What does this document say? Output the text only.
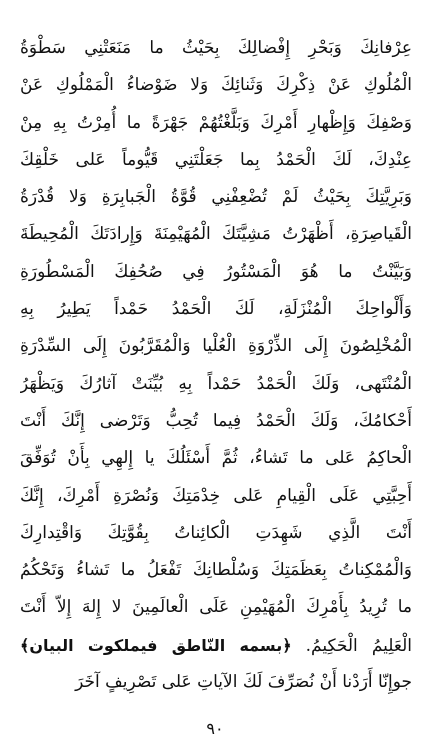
عِرْفانِكَ وَبَحْرِ إِفْضالِكَ بِحَيْثُ ما مَنَعَتْنِي سَطْوَةُ
الْمُلُوكِ عَنْ ذِكْرِكَ وَثَنائِكَ وَلا ضَوْضاءُ الْمَمْلُوكِ عَنْ
وَصْفِكَ وَإِظْهارِ أَمْرِكَ وَبَلَّغْتُهُمْ جَهْرَةً ما أُمِرْتُ بِهِ مِنْ
عِنْدِكَ، لَكَ الْحَمْدُ بِما جَعَلْتَنِي قَيُّوماً عَلى خَلْقِكَ
وَبَرِيَّتِكَ بِحَيْثُ لَمْ تُضْعِفْنِي قُوَّةُ الْجَبابِرَةِ وَلا قُدْرَةُ
الْقَياصِرَةِ، أَظْهَرْتُ مَشِيَّتَكَ الْمُهَيْمِنَةَ وَإِرادَتَكَ الْمُحِيطَةَ
وَبَيَّنْتُ ما هُوَ الْمَسْتُورُ فِي صُحُفِكَ الْمَسْطُورَةِ
وَأَلْواحِكَ الْمُنْزَلَةِ، لَكَ الْحَمْدُ حَمْداً يَطِيرُ بِهِ
الْمُخْلِصُونَ إِلَى الذِّرْوَةِ الْعُلْيا وَالْمُقَرَّبُونَ إِلَى السِّدْرَةِ
الْمُنْتَهى، وَلَكَ الْحَمْدُ حَمْداً بِهِ بُيِّنَتْ آثارُكَ وَيَظْهَرُ
أَحْكامُكَ، وَلَكَ الْحَمْدُ فِيما تُحِبُّ وَتَرْضى إِنَّكَ أَنْتَ
الْحاكِمُ عَلى ما تَشاءُ، ثُمَّ أَسْئَلُكَ يا إِلهِي بِأَنْ تُوَفِّقَ
أَحِبَّتِي عَلَى الْقِيامِ عَلى خِدْمَتِكَ وَنُصْرَةِ أَمْرِكَ، إِنَّكَ
أَنْتَ الَّذِي شَهِدَتِ الْكائِناتُ بِقُوَّتِكَ وَاقْتِدارِكَ
وَالْمُمْكِناتُ بِعَظَمَتِكَ وَسُلْطانِكَ تَفْعَلُ ما تَشاءُ وَتَحْكُمُ
ما تُرِيدُ بِأَمْرِكَ الْمُهَيْمِنِ عَلَى الْعالَمِينَ لا إِلهَ إِلاّ أَنْتَ
الْعَلِيمُ الْحَكِيمُ. ﴿بسمه النّاطق فيملكوت البيان﴾
جوإِنّا أَرَدْنا أَنْ نُصَرِّفَ لَكَ الآياتِ عَلى تَصْرِيفٍ آخَرَ
٩٠
